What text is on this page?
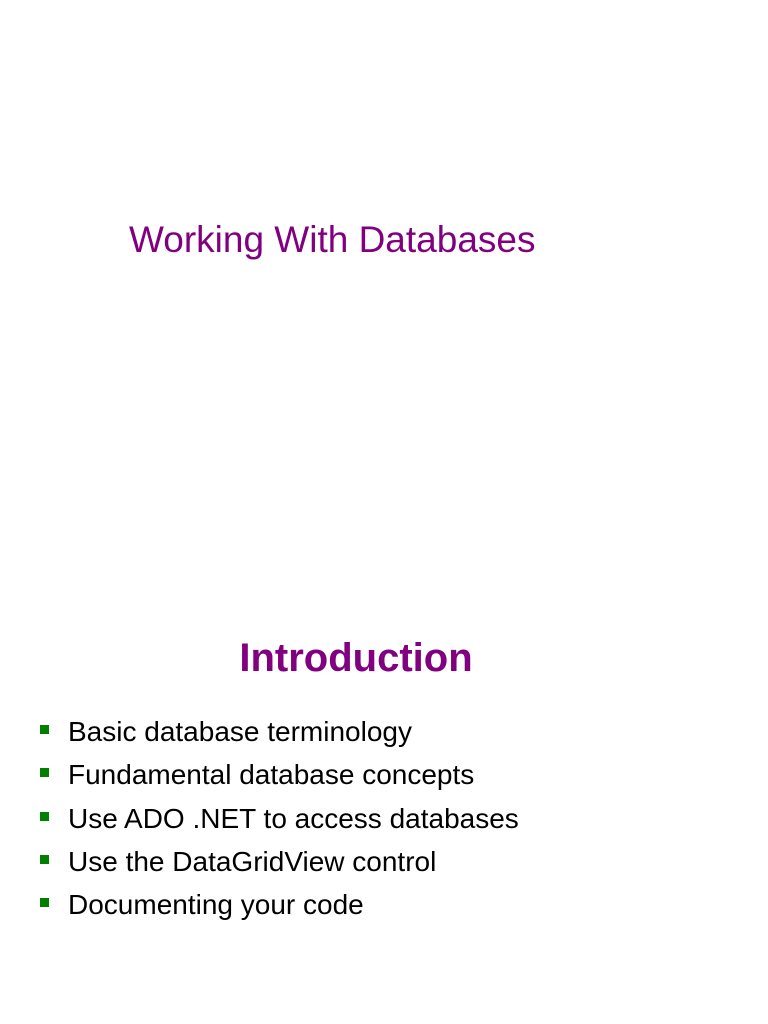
Working With Databases
Introduction
Basic database terminology
Fundamental database concepts
Use ADO .NET to access databases
Use the DataGridView control
Documenting your code
